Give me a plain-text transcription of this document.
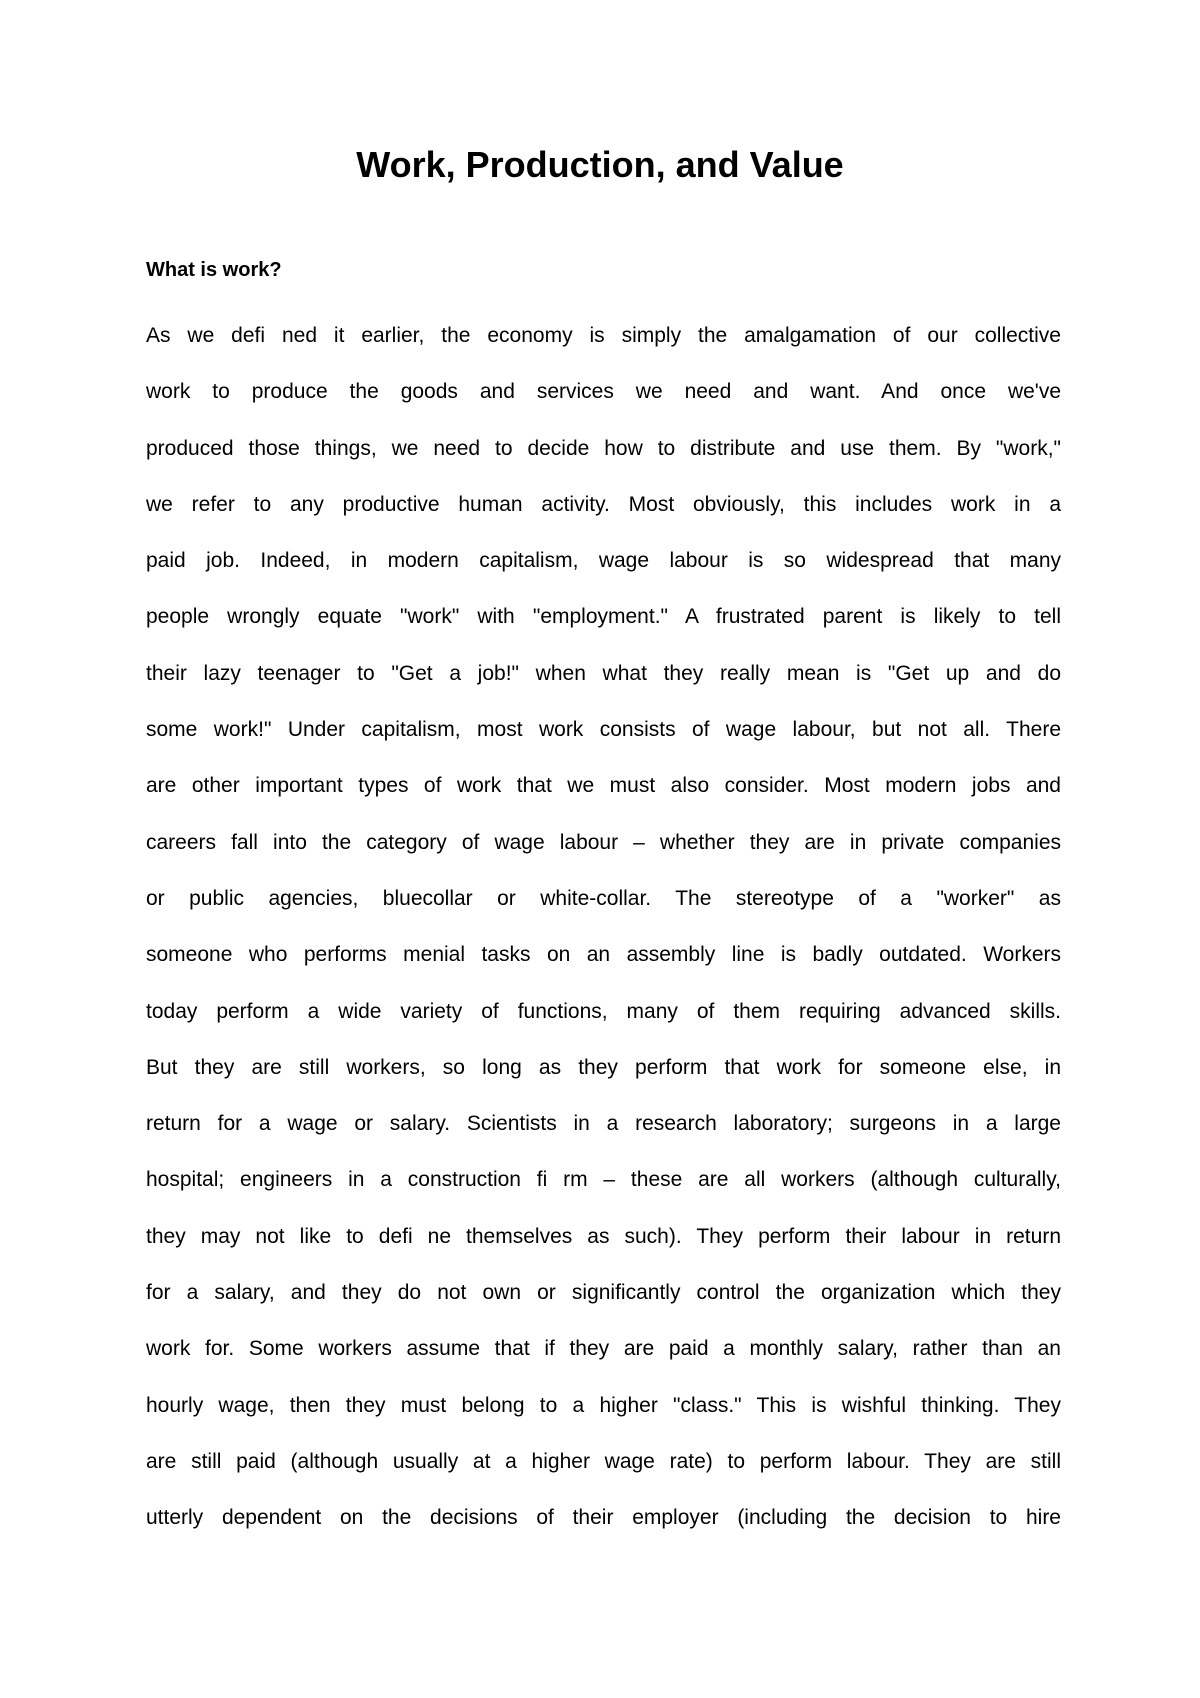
Work, Production, and Value
What is work?
As we defi ned it earlier, the economy is simply the amalgamation of our collective
work to produce the goods and services we need and want. And once we've
produced those things, we need to decide how to distribute and use them. By "work,"
we refer to any productive human activity. Most obviously, this includes work in a
paid job. Indeed, in modern capitalism, wage labour is so widespread that many
people wrongly equate "work" with "employment." A frustrated parent is likely to tell
their lazy teenager to "Get a job!" when what they really mean is "Get up and do
some work!" Under capitalism, most work consists of wage labour, but not all. There
are other important types of work that we must also consider. Most modern jobs and
careers fall into the category of wage labour – whether they are in private companies
or public agencies, bluecollar or white-collar. The stereotype of a "worker" as
someone who performs menial tasks on an assembly line is badly outdated. Workers
today perform a wide variety of functions, many of them requiring advanced skills.
But they are still workers, so long as they perform that work for someone else, in
return for a wage or salary. Scientists in a research laboratory; surgeons in a large
hospital; engineers in a construction fi rm – these are all workers (although culturally,
they may not like to defi ne themselves as such). They perform their labour in return
for a salary, and they do not own or significantly control the organization which they
work for. Some workers assume that if they are paid a monthly salary, rather than an
hourly wage, then they must belong to a higher "class." This is wishful thinking. They
are still paid (although usually at a higher wage rate) to perform labour. They are still
utterly dependent on the decisions of their employer (including the decision to hire
